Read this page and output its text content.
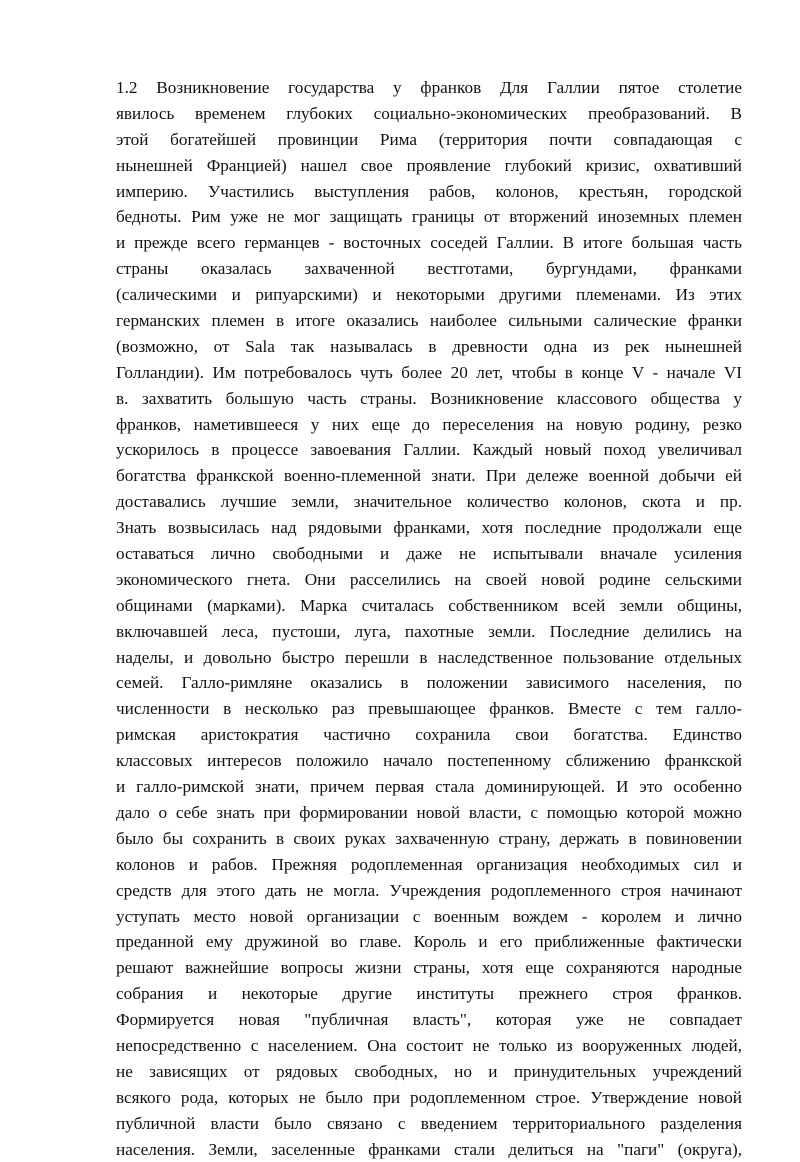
1.2 Возникновение государства у франков Для Галлии пятое столетие
явилось временем глубоких социально-экономических преобразований. В
этой богатейшей провинции Рима (территория почти совпадающая с
нынешней Францией) нашел свое проявление глубокий кризис, охвативший
империю. Участились выступления рабов, колонов, крестьян, городской
бедноты. Рим уже не мог защищать границы от вторжений иноземных племен
и прежде всего германцев - восточных соседей Галлии. В итоге большая часть
страны оказалась захваченной вестготами, бургундами, франками
(салическими и рипуарскими) и некоторыми другими племенами. Из этих
германских племен в итоге оказались наиболее сильными салические франки
(возможно, от Sala так называлась в древности одна из рек нынешней
Голландии). Им потребовалось чуть более 20 лет, чтобы в конце V - начале VI
в. захватить большую часть страны. Возникновение классового общества у
франков, наметившееся у них еще до переселения на новую родину, резко
ускорилось в процессе завоевания Галлии. Каждый новый поход увеличивал
богатства франкской военно-племенной знати. При дележе военной добычи ей
доставались лучшие земли, значительное количество колонов, скота и пр.
Знать возвысилась над рядовыми франками, хотя последние продолжали еще
оставаться лично свободными и даже не испытывали вначале усиления
экономического гнета. Они расселились на своей новой родине сельскими
общинами (марками). Марка считалась собственником всей земли общины,
включавшей леса, пустоши, луга, пахотные земли. Последние делились на
наделы, и довольно быстро перешли в наследственное пользование отдельных
семей. Галло-римляне оказались в положении зависимого населения, по
численности в несколько раз превышающее франков. Вместе с тем галло-
римская аристократия частично сохранила свои богатства. Единство
классовых интересов положило начало постепенному сближению франкской
и галло-римской знати, причем первая стала доминирующей. И это особенно
дало о себе знать при формировании новой власти, с помощью которой можно
было бы сохранить в своих руках захваченную страну, держать в повиновении
колонов и рабов. Прежняя родоплеменная организация необходимых сил и
средств для этого дать не могла. Учреждения родоплеменного строя начинают
уступать место новой организации с военным вождем - королем и лично
преданной ему дружиной во главе. Король и его приближенные фактически
решают важнейшие вопросы жизни страны, хотя еще сохраняются народные
собрания и некоторые другие институты прежнего строя франков.
Формируется новая "публичная власть", которая уже не совпадает
непосредственно с населением. Она состоит не только из вооруженных людей,
не зависящих от рядовых свободных, но и принудительных учреждений
всякого рода, которых не было при родоплеменном строе. Утверждение новой
публичной власти было связано с введением территориального разделения
населения. Земли, заселенные франками стали делиться на "паги" (округа),
